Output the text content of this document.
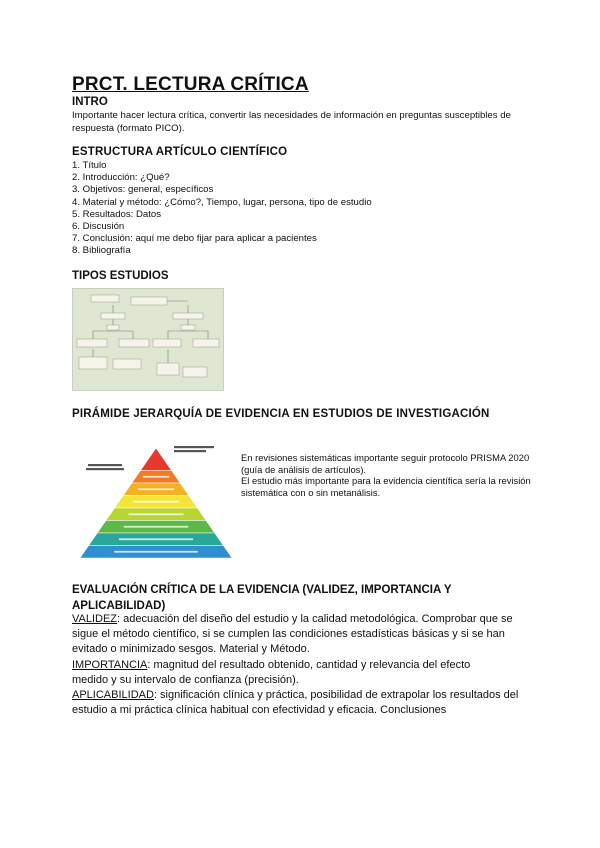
PRCT. LECTURA CRÍTICA
INTRO
Importante hacer lectura crítica, convertir las necesidades de información en preguntas susceptibles de
respuesta (formato PICO).
ESTRUCTURA ARTÍCULO CIENTÍFICO
1. Título
2. Introducción: ¿Qué?
3. Objetivos: general, específicos
4. Material y método: ¿Cómo?, Tiempo, lugar, persona, tipo de estudio
5. Resultados: Datos
6. Discusión
7. Conclusión: aquí me debo fijar para aplicar a pacientes
8. Bibliografía
TIPOS ESTUDIOS
PIRÁMIDE JERARQUÍA DE EVIDENCIA EN ESTUDIOS DE INVESTIGACIÓN
En revisiones sistemáticas importante seguir protocolo PRISMA 2020
(guía de análisis de artículos).
El estudio más importante para la evidencia científica sería la revisión
sistemática con o sin metanálisis.
EVALUACIÓN CRÍTICA DE LA EVIDENCIA (VALIDEZ, IMPORTANCIA Y
APLICABILIDAD)

VALIDEZ: adecuación del diseño del estudio y la calidad metodológica. Comprobar que se

sigue el método científico, si se cumplen las condiciones estadísticas básicas y si se han

evitado o minimizado sesgos. Material y Método.

IMPORTANCIA: magnitud del resultado obtenido, cantidad y relevancia del efecto

medido y su intervalo de confianza (precisión).

APLICABILIDAD: significación clínica y práctica, posibilidad de extrapolar los resultados del

estudio a mi práctica clínica habitual con efectividad y eficacia. Conclusiones
